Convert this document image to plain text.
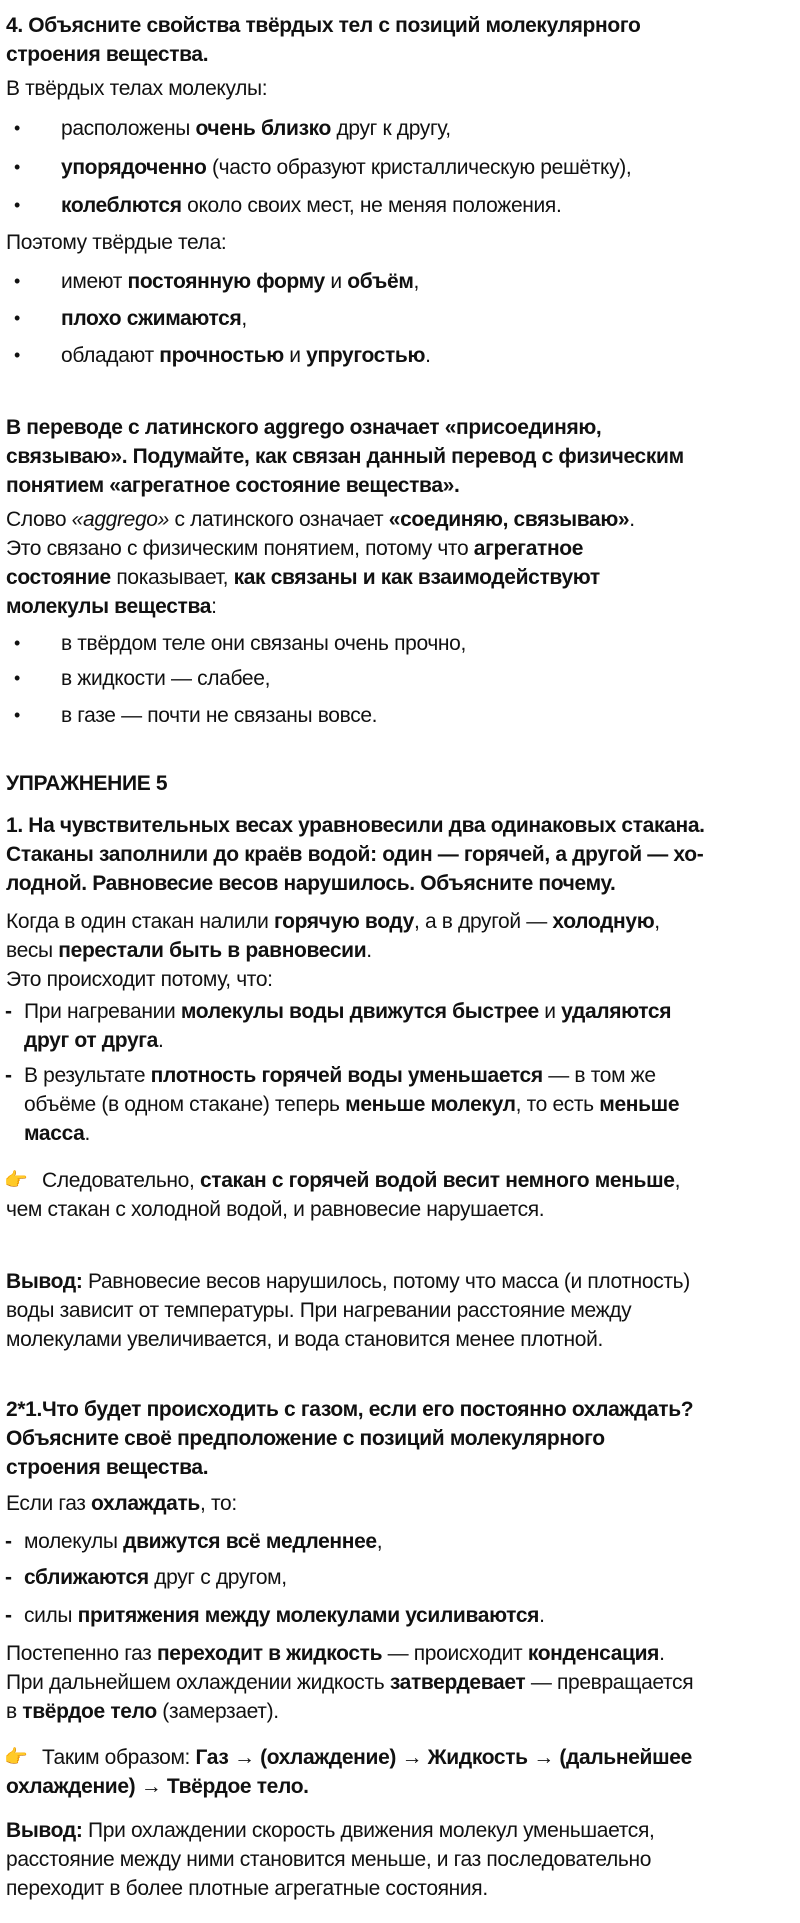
4. Объясните свойства твёрдых тел с позиций молекулярного
строения вещества.
В твёрдых телах молекулы:
• расположены очень близко друг к другу,
• упорядоченно (часто образуют кристаллическую решётку),
• колеблются около своих мест, не меняя положения.
Поэтому твёрдые тела:
• имеют постоянную форму и объём,
• плохо сжимаются,
• обладают прочностью и упругостью.
В переводе с латинского aggrego означает «присоединяю,
связываю». Подумайте, как связан данный перевод с физическим
понятием «агрегатное состояние вещества».
Слово «aggrego» с латинского означает «соединяю, связываю».
Это связано с физическим понятием, потому что агрегатное
состояние показывает, как связаны и как взаимодействуют
молекулы вещества:
• в твёрдом теле они связаны очень прочно,
• в жидкости — слабее,
• в газе — почти не связаны вовсе.
УПРАЖНЕНИЕ 5
1. На чувствительных весах уравновесили два одинаковых стакана.
Стаканы заполнили до краёв водой: один — горячей, а другой — хо-
лодной. Равновесие весов нарушилось. Объясните почему.
Когда в один стакан налили горячую воду, а в другой — холодную,
весы перестали быть в равновесии.
Это происходит потому, что:
- При нагревании молекулы воды движутся быстрее и удаляются
друг от друга.
- В результате плотность горячей воды уменьшается — в том же
объёме (в одном стакане) теперь меньше молекул, то есть меньше
масса.
👉 Следовательно, стакан с горячей водой весит немного меньше,
чем стакан с холодной водой, и равновесие нарушается.
Вывод: Равновесие весов нарушилось, потому что масса (и плотность)
воды зависит от температуры. При нагревании расстояние между
молекулами увеличивается, и вода становится менее плотной.
2*1.Что будет происходить с газом, если его постоянно охлаждать?
Объясните своё предположение с позиций молекулярного
строения вещества.
Если газ охлаждать, то:
- молекулы движутся всё медленнее,
- сближаются друг с другом,
- силы притяжения между молекулами усиливаются.
Постепенно газ переходит в жидкость — происходит конденсация.
При дальнейшем охлаждении жидкость затвердевает — превращается
в твёрдое тело (замерзает).
👉 Таким образом: Газ → (охлаждение) → Жидкость → (дальнейшее
охлаждение) → Твёрдое тело.
Вывод: При охлаждении скорость движения молекул уменьшается,
расстояние между ними становится меньше, и газ последовательно
переходит в более плотные агрегатные состояния.
